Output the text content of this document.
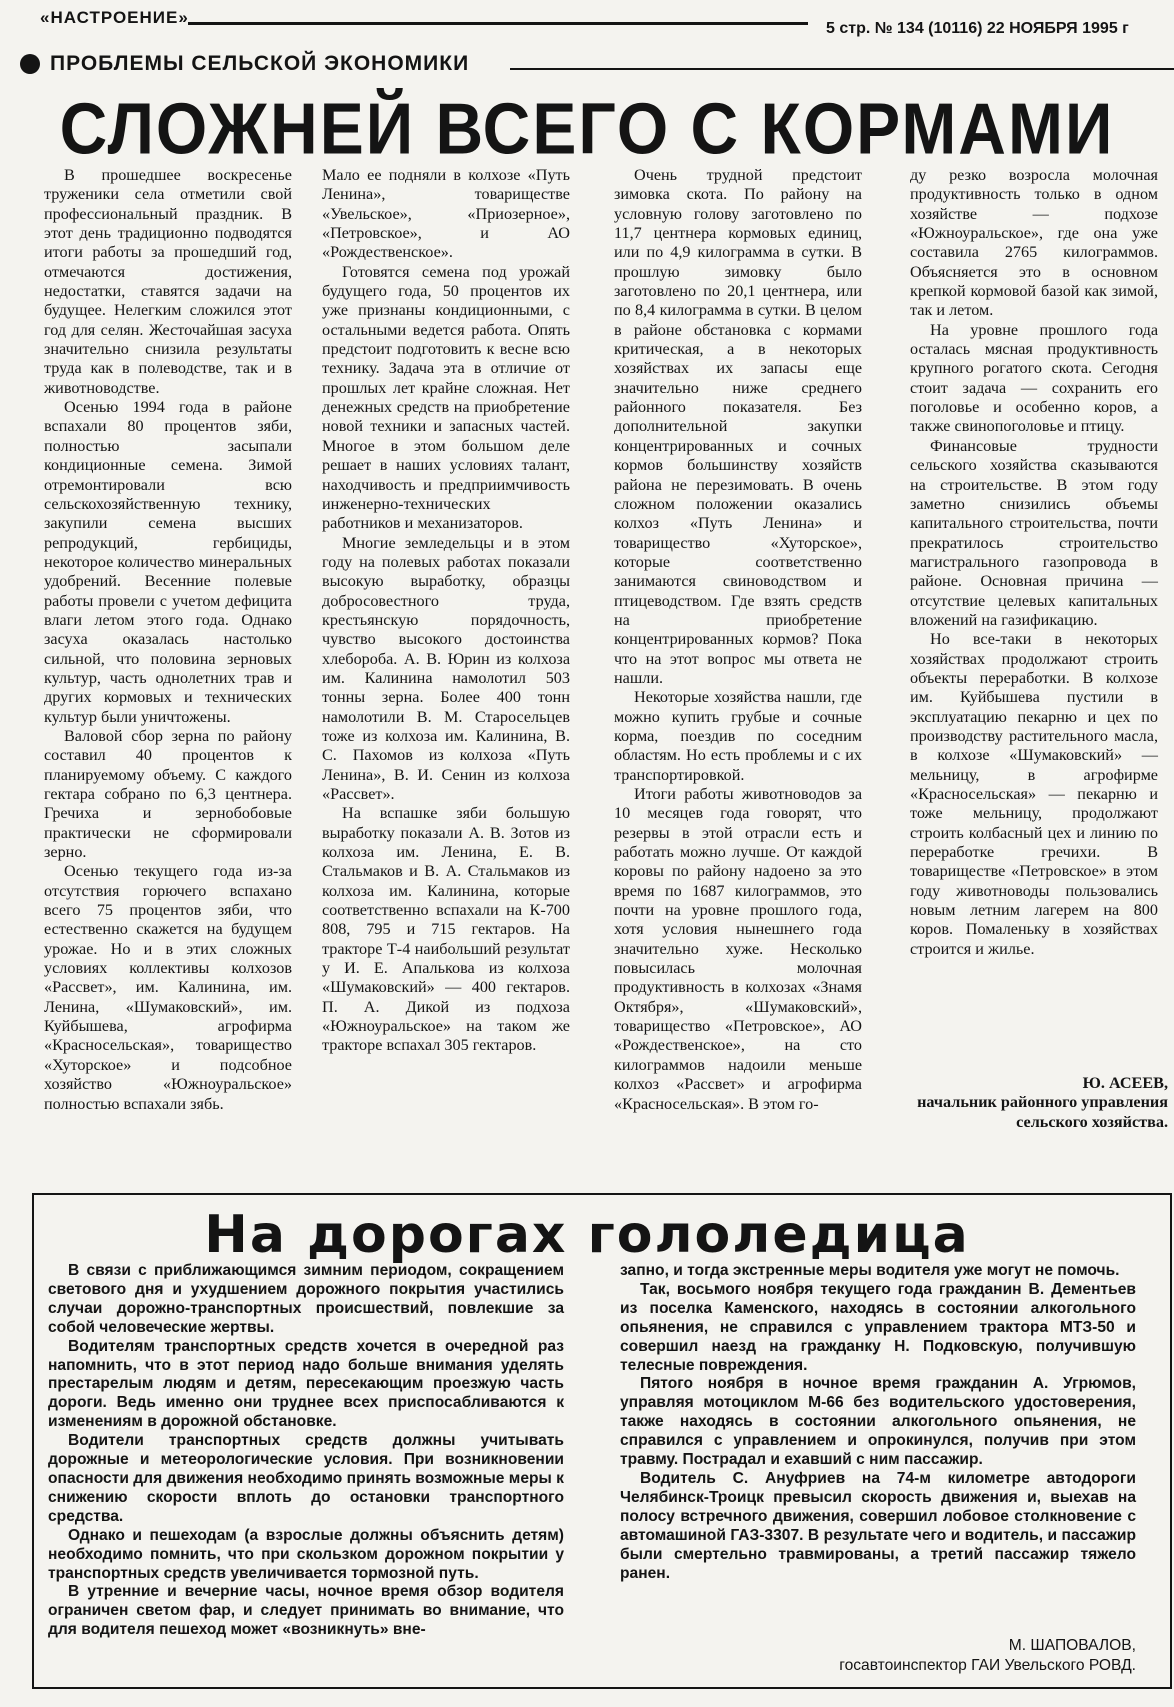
«НАСТРОЕНИЕ»
5 стр. № 134 (10116) 22 НОЯБРЯ 1995 г
ПРОБЛЕМЫ СЕЛЬСКОЙ ЭКОНОМИКИ
СЛОЖНЕЙ ВСЕГО С КОРМАМИ

В прошедшее воскресенье труженики села отметили свой профессиональный праздник. В этот день традиционно подводятся итоги работы за прошедший год, отмечаются достижения, недостатки, ставятся задачи на будущее. Нелегким сложился этот год для селян. Жесточайшая засуха значительно снизила результаты труда как в полеводстве, так и в животноводстве.

Осенью 1994 года в районе вспахали 80 процентов зяби, полностью засыпали кондиционные семена. Зимой отремонтировали всю сельскохозяйственную технику, закупили семена высших репродукций, гербициды, некоторое количество минеральных удобрений. Весенние полевые работы провели с учетом дефицита влаги летом этого года. Однако засуха оказалась настолько сильной, что половина зерновых культур, часть однолетних трав и других кормовых и технических культур были уничтожены.

Валовой сбор зерна по району составил 40 процентов к планируемому объему. С каждого гектара собрано по 6,3 центнера. Гречиха и зернобобовые практически не сформировали зерно.

Осенью текущего года из-за отсутствия горючего вспахано всего 75 процентов зяби, что естественно скажется на будущем урожае. Но и в этих сложных условиях коллективы колхозов «Рассвет», им. Калинина, им. Ленина, «Шумаковский», им. Куйбышева, агрофирма «Красносельская», товарищество «Хуторское» и подсобное хозяйство «Южноуральское» полностью вспахали зябь.

Мало ее подняли в колхозе «Путь Ленина», товариществе «Увельское», «Приозерное», «Петровское», и АО «Рождественское».

Готовятся семена под урожай будущего года, 50 процентов их уже признаны кондиционными, с остальными ведется работа. Опять предстоит подготовить к весне всю технику. Задача эта в отличие от прошлых лет крайне сложная. Нет денежных средств на приобретение новой техники и запасных частей. Многое в этом большом деле решает в наших условиях талант, находчивость и предприимчивость инженерно-технических работников и механизаторов.

Многие земледельцы и в этом году на полевых работах показали высокую выработку, образцы добросовестного труда, крестьянскую порядочность, чувство высокого достоинства хлебороба. А. В. Юрин из колхоза им. Калинина намолотил 503 тонны зерна. Более 400 тонн намолотили В. М. Старосельцев тоже из колхоза им. Калинина, В. С. Пахомов из колхоза «Путь Ленина», В. И. Сенин из колхоза «Рассвет».

На вспашке зяби большую выработку показали А. В. Зотов из колхоза им. Ленина, Е. В. Стальмаков и В. А. Стальмаков из колхоза им. Калинина, которые соответственно вспахали на К-700 808, 795 и 715 гектаров. На тракторе Т-4 наибольший результат у И. Е. Апалькова из колхоза «Шумаковский» — 400 гектаров. П. А. Дикой из подхоза «Южноуральское» на таком же тракторе вспахал 305 гектаров.

Очень трудной предстоит зимовка скота. По району на условную голову заготовлено по 11,7 центнера кормовых единиц, или по 4,9 килограмма в сутки. В прошлую зимовку было заготовлено по 20,1 центнера, или по 8,4 килограмма в сутки. В целом в районе обстановка с кормами критическая, а в некоторых хозяйствах их запасы еще значительно ниже среднего районного показателя. Без дополнительной закупки концентрированных и сочных кормов большинству хозяйств района не перезимовать. В очень сложном положении оказались колхоз «Путь Ленина» и товарищество «Хуторское», которые соответственно занимаются свиноводством и птицеводством. Где взять средств на приобретение концентрированных кормов? Пока что на этот вопрос мы ответа не нашли.

Некоторые хозяйства нашли, где можно купить грубые и сочные корма, поездив по соседним областям. Но есть проблемы и с их транспортировкой.

Итоги работы животноводов за 10 месяцев года говорят, что резервы в этой отрасли есть и работать можно лучше. От каждой коровы по району надоено за это время по 1687 килограммов, это почти на уровне прошлого года, хотя условия нынешнего года значительно хуже. Несколько повысилась молочная продуктивность в колхозах «Знамя Октября», «Шумаковский», товарищество «Петровское», АО «Рождественское», на сто килограммов надоили меньше колхоз «Рассвет» и агрофирма «Красносельская». В этом го-

ду резко возросла молочная продуктивность только в одном хозяйстве — подхозе «Южноуральское», где она уже составила 2765 килограммов. Объясняется это в основном крепкой кормовой базой как зимой, так и летом.

На уровне прошлого года осталась мясная продуктивность крупного рогатого скота. Сегодня стоит задача — сохранить его поголовье и особенно коров, а также свинопоголовье и птицу.

Финансовые трудности сельского хозяйства сказываются на строительстве. В этом году заметно снизились объемы капитального строительства, почти прекратилось строительство магистрального газопровода в районе. Основная причина — отсутствие целевых капитальных вложений на газификацию.

Но все-таки в некоторых хозяйствах продолжают строить объекты переработки. В колхозе им. Куйбышева пустили в эксплуатацию пекарню и цех по производству растительного масла, в колхозе «Шумаковский» — мельницу, в агрофирме «Красносельская» — пекарню и тоже мельницу, продолжают строить колбасный цех и линию по переработке гречихи. В товариществе «Петровское» в этом году животноводы пользовались новым летним лагерем на 800 коров. Помаленьку в хозяйствах строится и жилье.

Ю. АСЕЕВ,

начальник районного управления сельского хозяйства.

На дорогах гололедица

В связи с приближающимся зимним периодом, сокращением светового дня и ухудшением дорожного покрытия участились случаи дорожно-транспортных происшествий, повлекшие за собой человеческие жертвы.

Водителям транспортных средств хочется в очередной раз напомнить, что в этот период надо больше внимания уделять престарелым людям и детям, пересекающим проезжую часть дороги. Ведь именно они труднее всех приспосабливаются к изменениям в дорожной обстановке.

Водители транспортных средств должны учитывать дорожные и метеорологические условия. При возникновении опасности для движения необходимо принять возможные меры к снижению скорости вплоть до остановки транспортного средства.

Однако и пешеходам (а взрослые должны объяснить детям) необходимо помнить, что при скользком дорожном покрытии у транспортных средств увеличивается тормозной путь.

В утренние и вечерние часы, ночное время обзор водителя ограничен светом фар, и следует принимать во внимание, что для водителя пешеход может «возникнуть» вне-

запно, и тогда экстренные меры водителя уже могут не помочь.

Так, восьмого ноября текущего года гражданин В. Дементьев из поселка Каменского, находясь в состоянии алкогольного опьянения, не справился с управлением трактора МТЗ-50 и совершил наезд на гражданку Н. Подковскую, получившую телесные повреждения.

Пятого ноября в ночное время гражданин А. Угрюмов, управляя мотоциклом М-66 без водительского удостоверения, также находясь в состоянии алкогольного опьянения, не справился с управлением и опрокинулся, получив при этом травму. Пострадал и ехавший с ним пассажир.

Водитель С. Ануфриев на 74-м километре автодороги Челябинск-Троицк превысил скорость движения и, выехав на полосу встречного движения, совершил лобовое столкновение с автомашиной ГАЗ-3307. В результате чего и водитель, и пассажир были смертельно травмированы, а третий пассажир тяжело ранен.

М. ШАПОВАЛОВ,
госавтоинспектор ГАИ Увельского РОВД.
